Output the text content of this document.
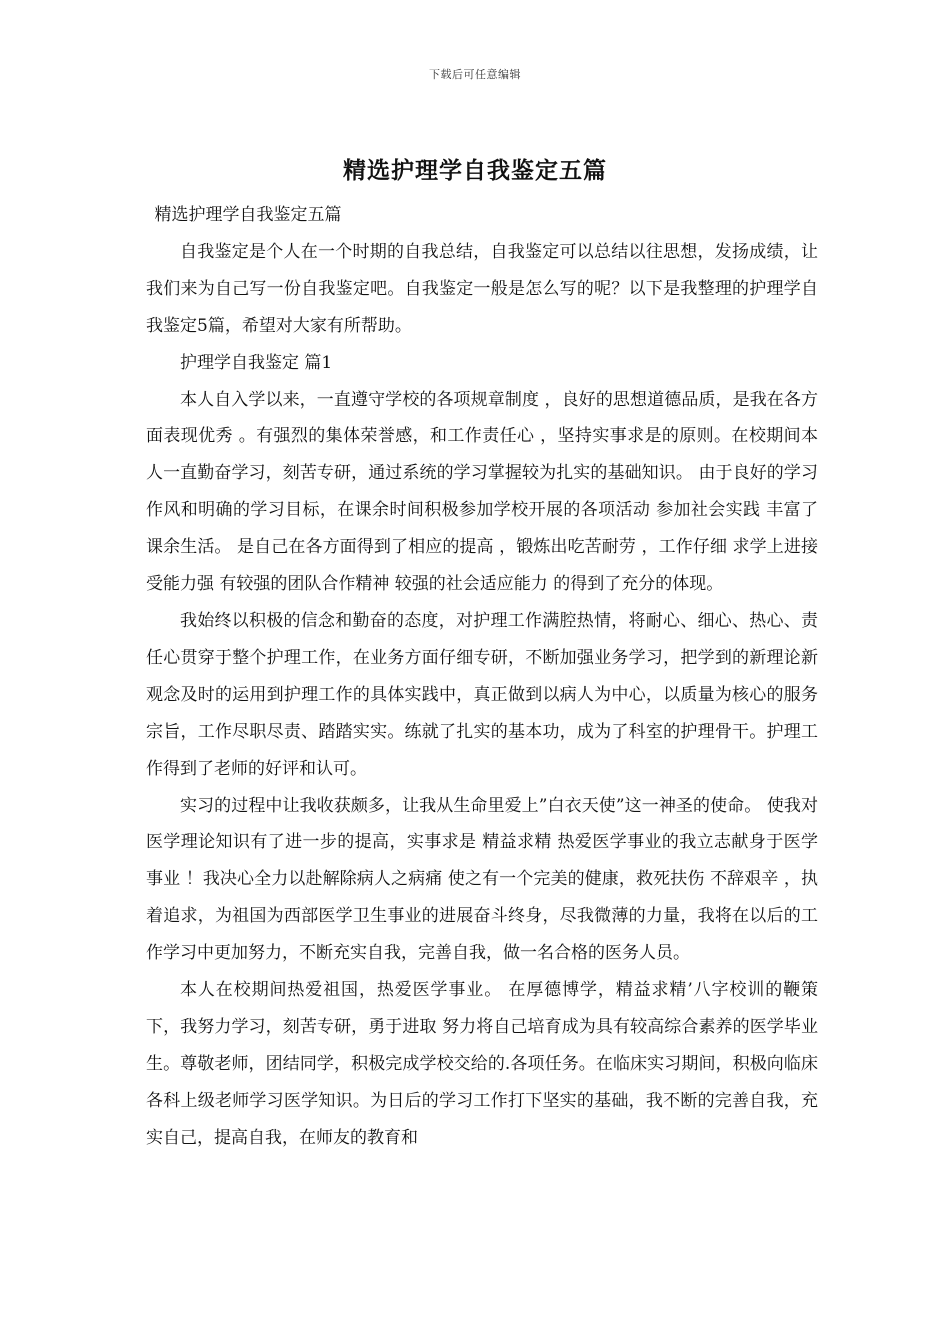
下载后可任意编辑
精选护理学自我鉴定五篇

精选护理学自我鉴定五篇

自我鉴定是个人在一个时期的自我总结，自我鉴定可以总结以往思想，发扬成绩，让我们来为自己写一份自我鉴定吧。自我鉴定一般是怎么写的呢？以下是我整理的护理学自我鉴定5篇，希望对大家有所帮助。

护理学自我鉴定 篇1

本人自入学以来，一直遵守学校的各项规章制度 ，良好的思想道德品质，是我在各方面表现优秀 。有强烈的集体荣誉感，和工作责任心 ，坚持实事求是的原则。在校期间本人一直勤奋学习，刻苦专研，通过系统的学习掌握较为扎实的基础知识。 由于良好的学习作风和明确的学习目标，在课余时间积极参加学校开展的各项活动 参加社会实践 丰富了课余生活。 是自己在各方面得到了相应的提高 ，锻炼出吃苦耐劳 ，工作仔细 求学上进接受能力强 有较强的团队合作精神 较强的社会适应能力 的得到了充分的体现。

我始终以积极的信念和勤奋的态度，对护理工作满腔热情，将耐心、细心、热心、责任心贯穿于整个护理工作，在业务方面仔细专研，不断加强业务学习，把学到的新理论新观念及时的运用到护理工作的具体实践中，真正做到以病人为中心，以质量为核心的服务宗旨，工作尽职尽责、踏踏实实。练就了扎实的基本功，成为了科室的护理骨干。护理工作得到了老师的好评和认可。

实习的过程中让我收获颇多，让我从生命里爱上”白衣天使”这一神圣的使命。 使我对医学理论知识有了进一步的提高，实事求是 精益求精 热爱医学事业的我立志献身于医学事业 ！我决心全力以赴解除病人之病痛 使之有一个完美的健康，救死扶伤 不辞艰辛 ，执着追求，为祖国为西部医学卫生事业的进展奋斗终身，尽我微薄的力量，我将在以后的工作学习中更加努力，不断充实自我，完善自我，做一名合格的医务人员。

本人在校期间热爱祖国，热爱医学事业。 在厚德博学，精益求精’八字校训的鞭策下，我努力学习，刻苦专研，勇于进取 努力将自己培育成为具有较高综合素养的医学毕业生。尊敬老师，团结同学，积极完成学校交给的.各项任务。在临床实习期间，积极向临床各科上级老师学习医学知识。为日后的学习工作打下坚实的基础，我不断的完善自我，充实自己，提高自我，在师友的教育和
